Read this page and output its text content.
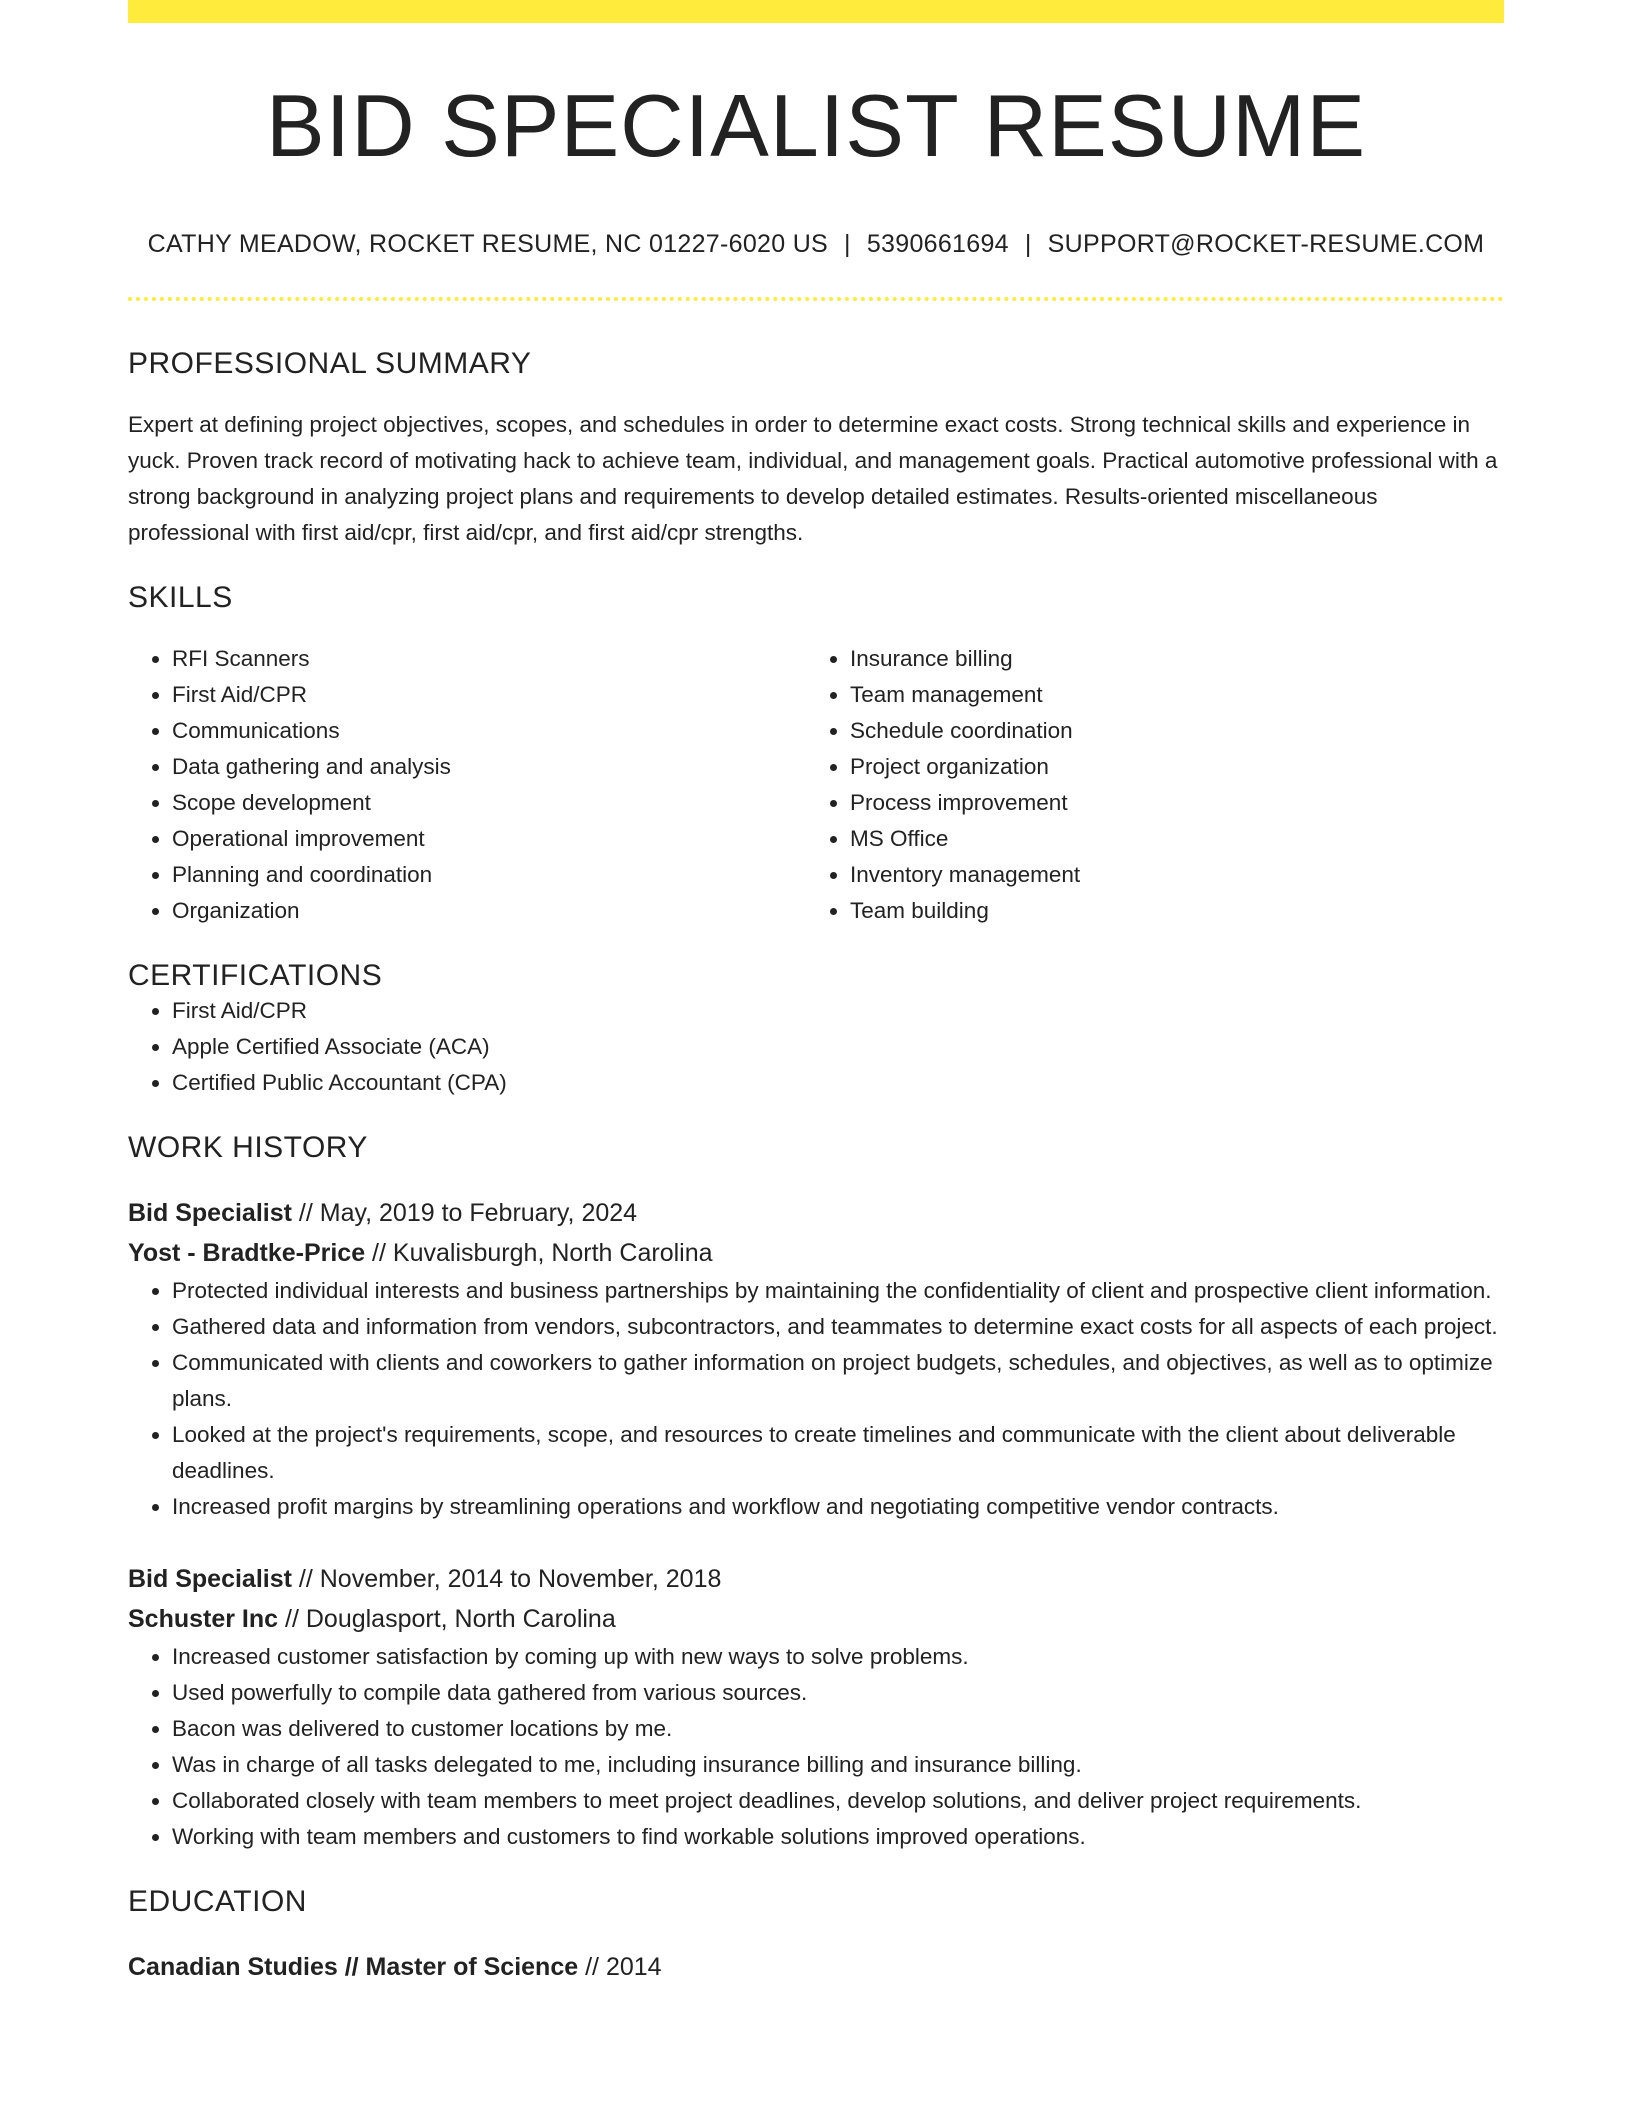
BID SPECIALIST RESUME
CATHY MEADOW, ROCKET RESUME, NC 01227-6020 US | 5390661694 | SUPPORT@ROCKET-RESUME.COM
PROFESSIONAL SUMMARY
Expert at defining project objectives, scopes, and schedules in order to determine exact costs. Strong technical skills and experience in yuck. Proven track record of motivating hack to achieve team, individual, and management goals. Practical automotive professional with a strong background in analyzing project plans and requirements to develop detailed estimates. Results-oriented miscellaneous professional with first aid/cpr, first aid/cpr, and first aid/cpr strengths.
SKILLS
• RFI Scanners
• First Aid/CPR
• Communications
• Data gathering and analysis
• Scope development
• Operational improvement
• Planning and coordination
• Organization
• Insurance billing
• Team management
• Schedule coordination
• Project organization
• Process improvement
• MS Office
• Inventory management
• Team building
CERTIFICATIONS
• First Aid/CPR
• Apple Certified Associate (ACA)
• Certified Public Accountant (CPA)
WORK HISTORY
Bid Specialist // May, 2019 to February, 2024
Yost - Bradtke-Price // Kuvalisburgh, North Carolina
• Protected individual interests and business partnerships by maintaining the confidentiality of client and prospective client information.
• Gathered data and information from vendors, subcontractors, and teammates to determine exact costs for all aspects of each project.
• Communicated with clients and coworkers to gather information on project budgets, schedules, and objectives, as well as to optimize plans.
• Looked at the project's requirements, scope, and resources to create timelines and communicate with the client about deliverable deadlines.
• Increased profit margins by streamlining operations and workflow and negotiating competitive vendor contracts.
Bid Specialist // November, 2014 to November, 2018
Schuster Inc // Douglasport, North Carolina
• Increased customer satisfaction by coming up with new ways to solve problems.
• Used powerfully to compile data gathered from various sources.
• Bacon was delivered to customer locations by me.
• Was in charge of all tasks delegated to me, including insurance billing and insurance billing.
• Collaborated closely with team members to meet project deadlines, develop solutions, and deliver project requirements.
• Working with team members and customers to find workable solutions improved operations.
EDUCATION
Canadian Studies // Master of Science // 2014
